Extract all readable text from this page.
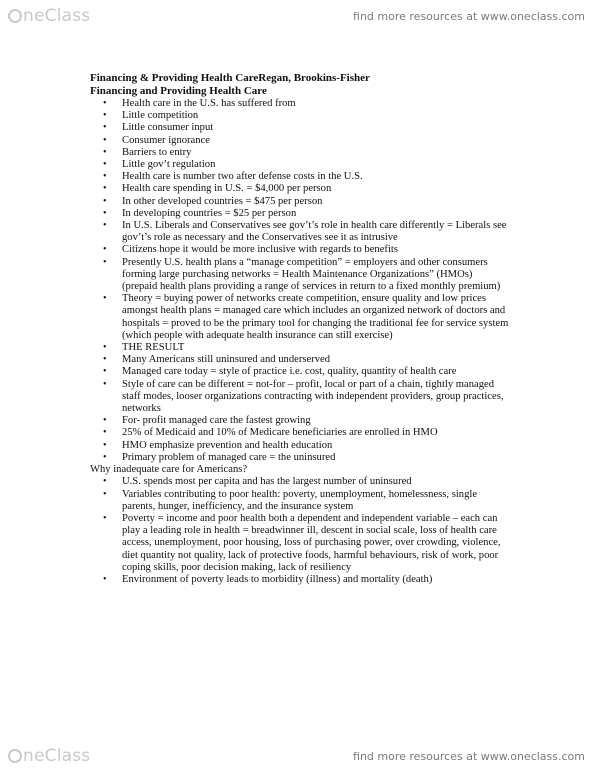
neClass	find more resources at www.oneclass.com
Financing & Providing Health CareRegan, Brookins-Fisher
Financing and Providing Health Care
• Health care in the U.S. has suffered from
• Little competition
• Little consumer input
• Consumer ignorance
• Barriers to entry
• Little gov’t regulation
• Health care is number two after defense costs in the U.S.
• Health care spending in U.S. = $4,000 per person
• In other developed countries = $475 per person
• In developing countries = $25 per person
• In U.S. Liberals and Conservatives see gov’t’s role in health care differently = Liberals see gov’t’s role as necessary and the Conservatives see it as intrusive
• Citizens hope it would be more inclusive with regards to benefits
• Presently U.S. health plans a “manage competition” = employers and other consumers forming large purchasing networks = Health Maintenance Organizations” (HMOs) (prepaid health plans providing a range of services in return to a fixed monthly premium)
• Theory = buying power of networks create competition, ensure quality and low prices amongst health plans = managed care which includes an organized network of doctors and hospitals = proved to be the primary tool for changing the traditional fee for service system (which people with adequate health insurance can still exercise)
• THE RESULT
• Many Americans still uninsured and underserved
• Managed care today = style of practice i.e. cost, quality, quantity of health care
• Style of care can be different = not-for – profit, local or part of a chain, tightly managed staff modes, looser organizations contracting with independent providers, group practices, networks
• For- profit managed care the fastest growing
• 25% of Medicaid and 10% of Medicare beneficiaries are enrolled in HMO
• HMO emphasize prevention and health education
• Primary problem of managed care = the uninsured
Why inadequate care for Americans?
• U.S. spends most per capita and has the largest number of uninsured
• Variables contributing to poor health: poverty, unemployment, homelessness, single parents, hunger, inefficiency, and the insurance system
• Poverty = income and poor health both a dependent and independent variable – each can play a leading role in health = breadwinner ill, descent in social scale, loss of health care access, unemployment, poor housing, loss of purchasing power, over crowding, violence, diet quantity not quality, lack of protective foods, harmful behaviours, risk of work, poor coping skills, poor decision making, lack of resiliency
• Environment of poverty leads to morbidity (illness) and mortality (death)
neClass	find more resources at www.oneclass.com
